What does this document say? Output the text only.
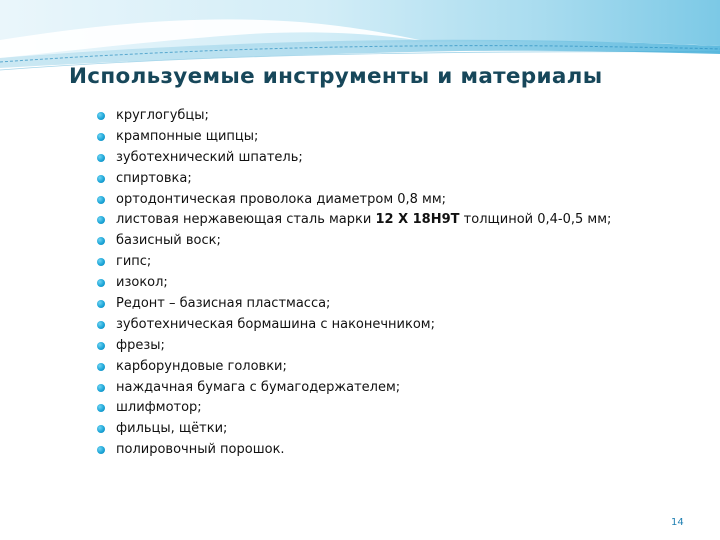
Используемые инструменты и материалы
круглогубцы;
крампонные щипцы;
зуботехнический шпатель;
спиртовка;
ортодонтическая проволока диаметром 0,8 мм;
листовая нержавеющая сталь марки 12 Х 18Н9Т толщиной 0,4-0,5 мм;
базисный воск;
гипс;
изокол;
Редонт – базисная пластмасса;
зуботехническая бормашина с наконечником;
фрезы;
карборундовые головки;
наждачная бумага с бумагодержателем;
шлифмотор;
фильцы, щётки;
полировочный порошок.
14
